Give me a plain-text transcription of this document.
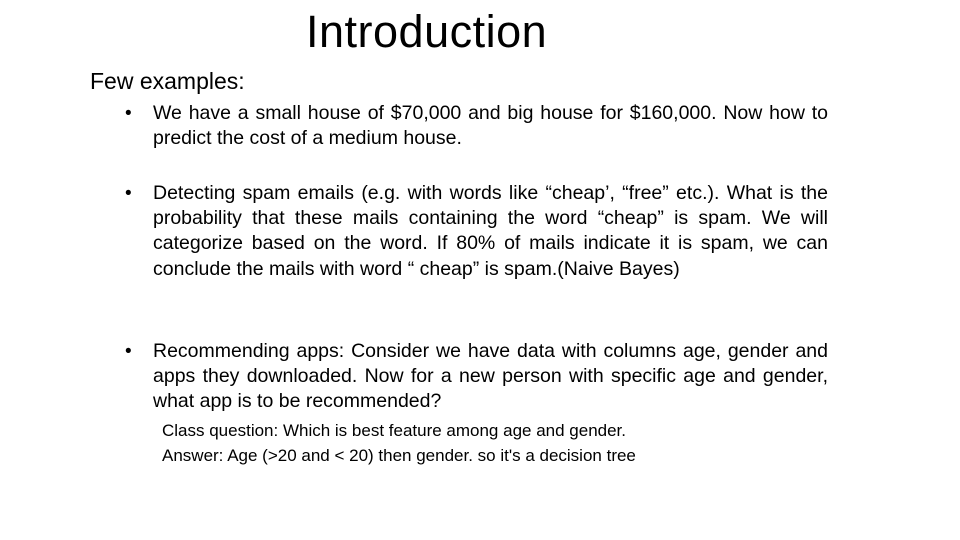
Introduction
Few examples:
• We have a small house of $70,000 and big house for $160,000. Now how to predict the cost of a medium house.
• Detecting spam emails (e.g. with words like “cheap’, “free” etc.). What is the probability that these mails containing the word “cheap” is spam. We will categorize based on the word. If 80% of mails indicate it is spam, we can conclude the mails with word “ cheap” is spam.(Naive Bayes)
• Recommending apps: Consider we have data with columns age, gender and apps they downloaded. Now for a new person with specific age and gender, what app is to be recommended?
Class question: Which is best feature among age and gender.
Answer: Age (>20 and < 20) then gender. so it's a decision tree
